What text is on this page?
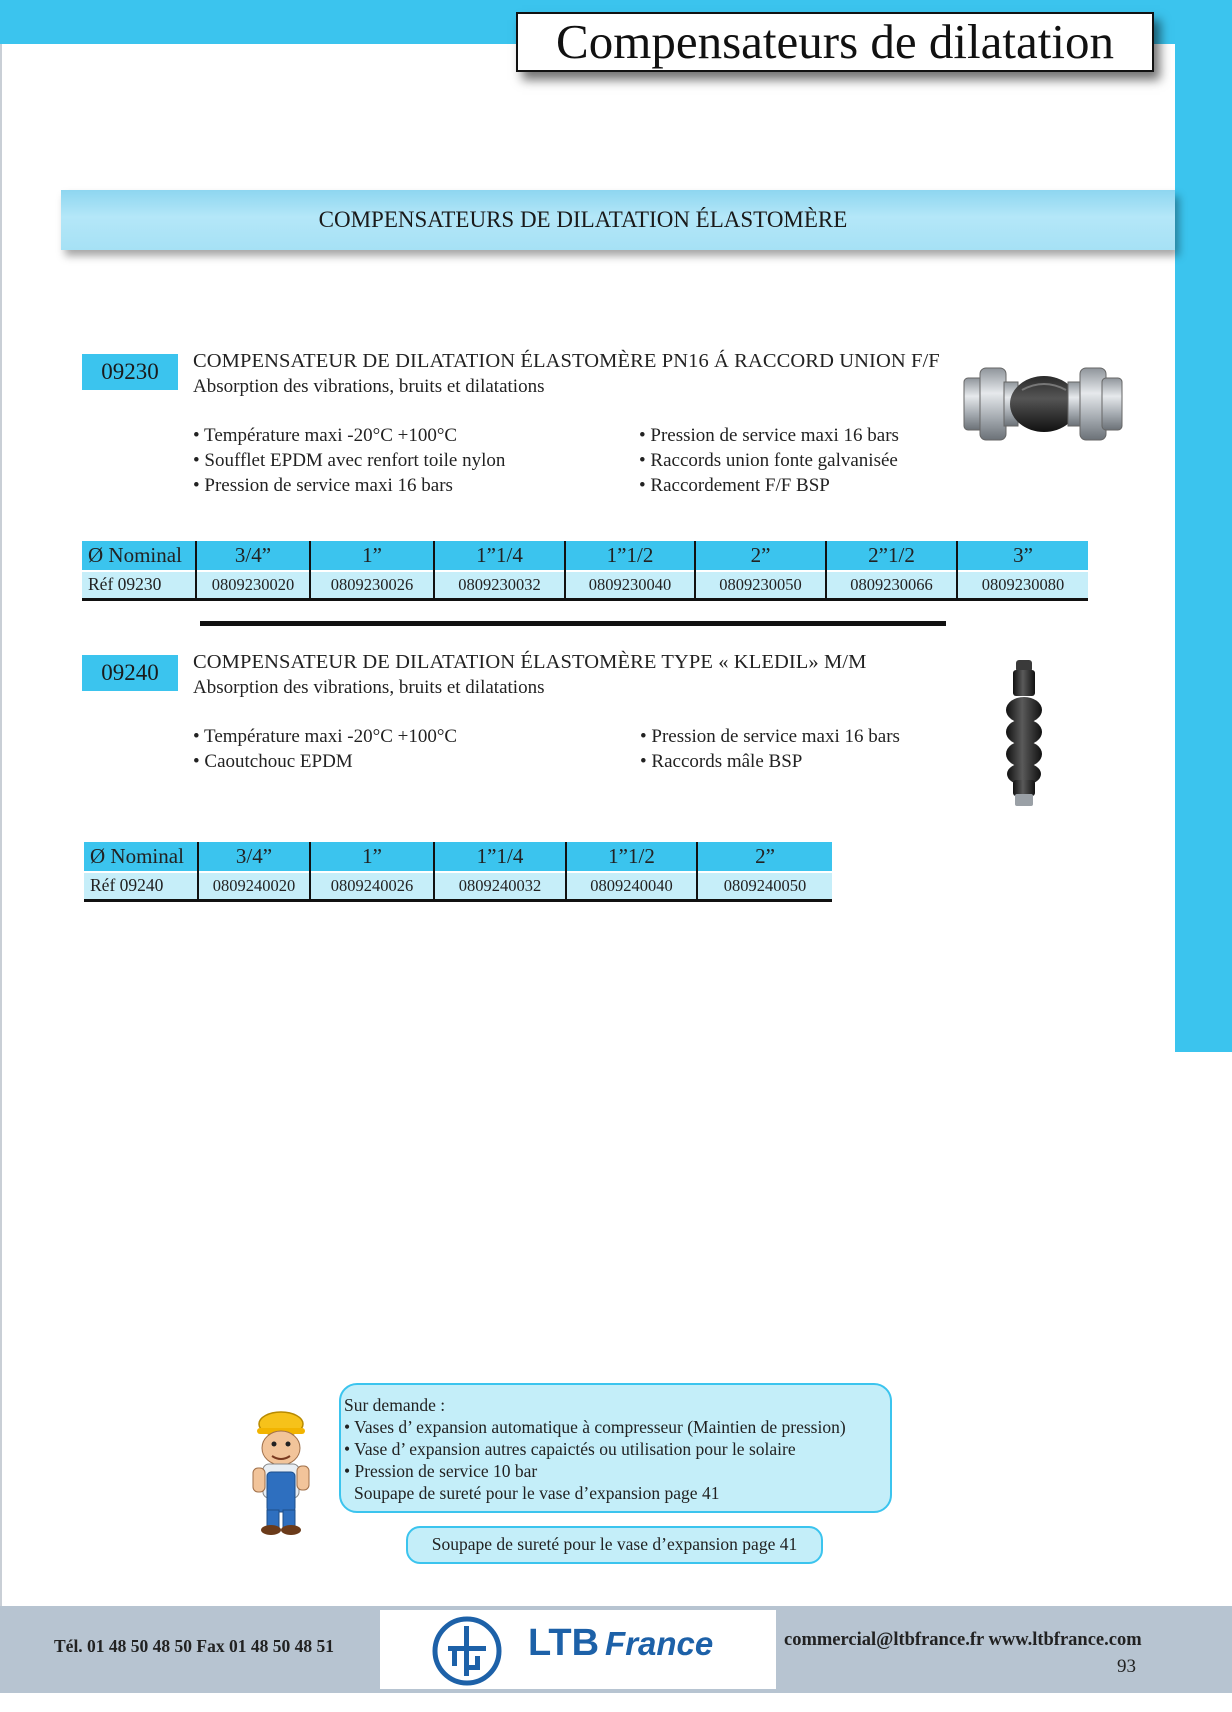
Compensateurs de dilatation
COMPENSATEURS DE DILATATION ÉLASTOMÈRE
09230	COMPENSATEUR DE DILATATION ÉLASTOMÈRE PN16 Á RACCORD UNION F/F
Absorption des vibrations, bruits et dilatations
• Température maxi -20°C +100°C
• Soufflet EPDM avec renfort toile nylon
• Pression de service maxi 16 bars
• Pression de service maxi 16 bars
• Raccords union fonte galvanisée
• Raccordement F/F BSP
Ø Nominal	3/4”	1”	1”1/4	1”1/2	2”	2”1/2	3”
Réf 09230	0809230020	0809230026	0809230032	0809230040	0809230050	0809230066	0809230080
09240	COMPENSATEUR DE DILATATION ÉLASTOMÈRE TYPE « KLEDIL» M/M
Absorption des vibrations, bruits et dilatations
• Température maxi -20°C +100°C
• Caoutchouc EPDM
• Pression de service maxi 16 bars
• Raccords mâle BSP
Ø Nominal	3/4”	1”	1”1/4	1”1/2	2”
Réf 09240	0809240020	0809240026	0809240032	0809240040	0809240050
Sur demande :
• Vases d’ expansion automatique à compresseur (Maintien de pression)
• Vase d’ expansion autres capaictés ou utilisation pour le solaire
• Pression de service 10 bar
Soupape de sureté pour le vase d’expansion page 41
Soupape de sureté pour le vase d’expansion page 41
Tél. 01 48 50 48 50 Fax 01 48 50 48 51	LTB France	commercial@ltbfrance.fr www.ltbfrance.com
93
